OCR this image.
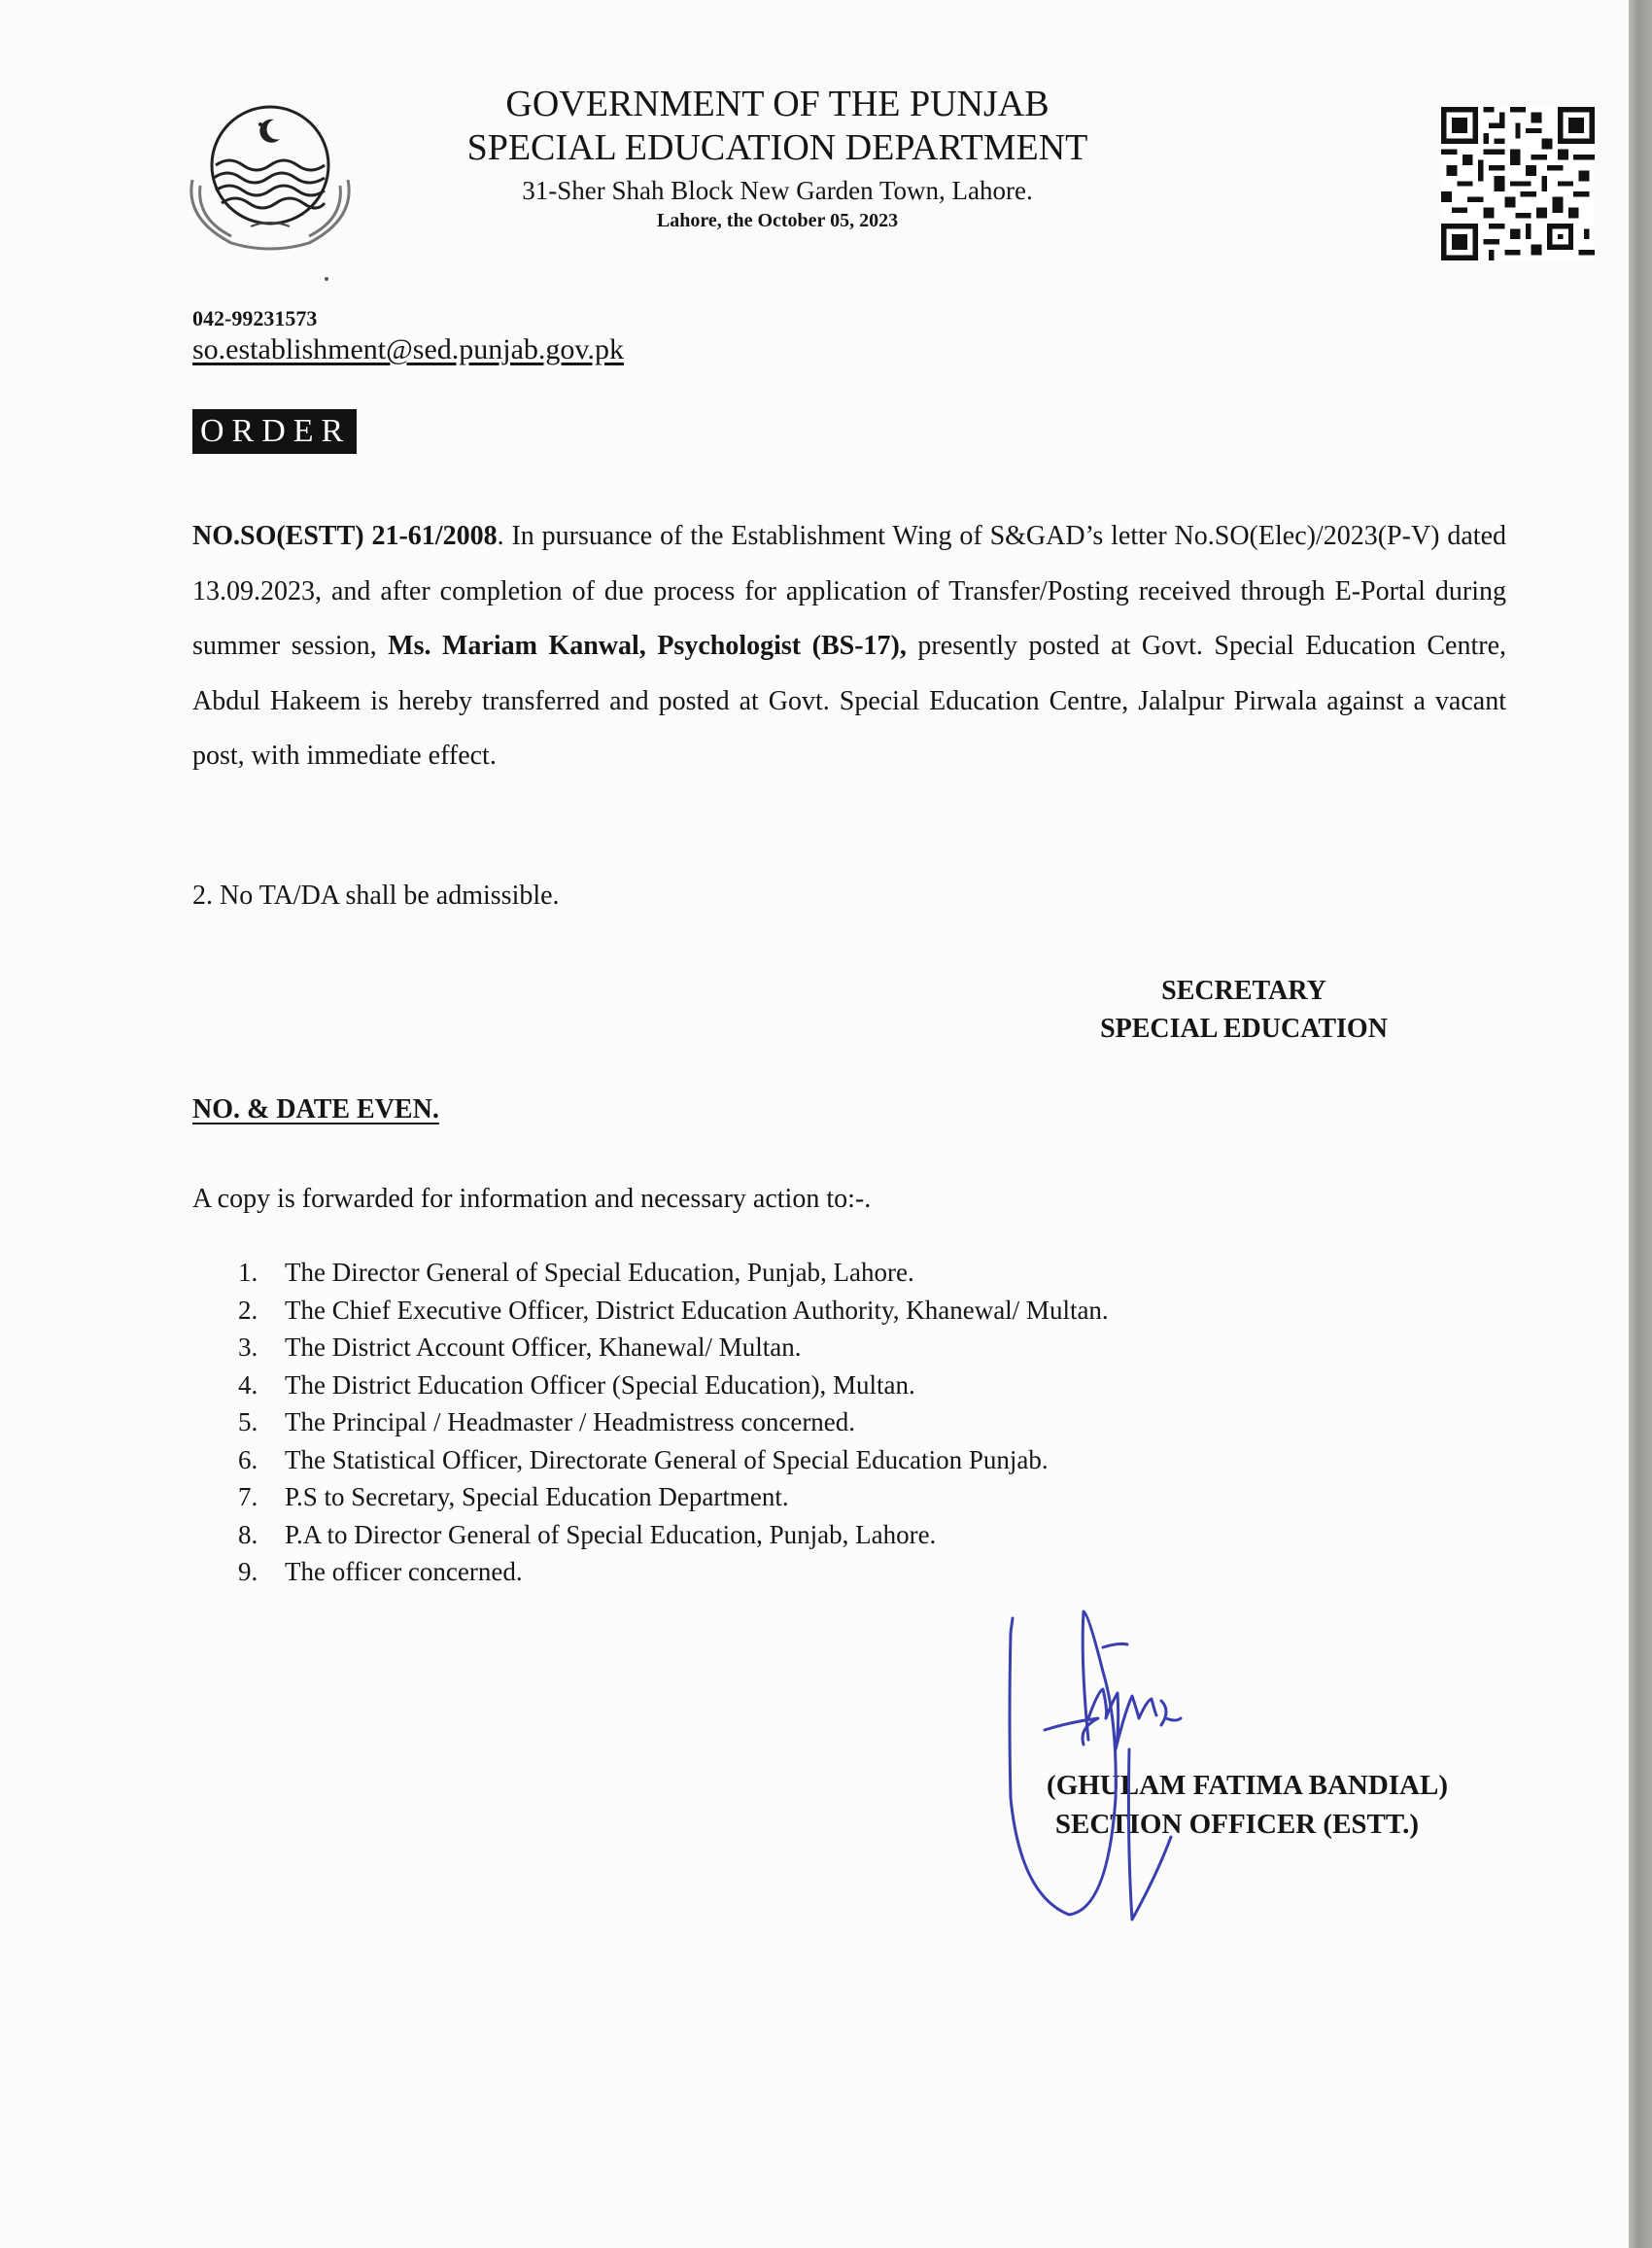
GOVERNMENT OF THE PUNJAB
SPECIAL EDUCATION DEPARTMENT
31-Sher Shah Block New Garden Town, Lahore.
Lahore, the October 05, 2023
042-99231573
so.establishment@sed.punjab.gov.pk
ORDER
NO.SO(ESTT) 21-61/2008. In pursuance of the Establishment Wing of S&GAD’s letter No.SO(Elec)/2023(P-V) dated 13.09.2023, and after completion of due process for application of Transfer/Posting received through E-Portal during summer session, Ms. Mariam Kanwal, Psychologist (BS-17), presently posted at Govt. Special Education Centre, Abdul Hakeem is hereby transferred and posted at Govt. Special Education Centre, Jalalpur Pirwala against a vacant post, with immediate effect.
2. No TA/DA shall be admissible.
SECRETARY
SPECIAL EDUCATION
NO. & DATE EVEN.
A copy is forwarded for information and necessary action to:-.
1.	The Director General of Special Education, Punjab, Lahore.
2.	The Chief Executive Officer, District Education Authority, Khanewal/ Multan.
3.	The District Account Officer, Khanewal/ Multan.
4.	The District Education Officer (Special Education), Multan.
5.	The Principal / Headmaster / Headmistress concerned.
6.	The Statistical Officer, Directorate General of Special Education Punjab.
7.	P.S to Secretary, Special Education Department.
8.	P.A to Director General of Special Education, Punjab, Lahore.
9.	The officer concerned.
(GHULAM FATIMA BANDIAL)
SECTION OFFICER (ESTT.)
